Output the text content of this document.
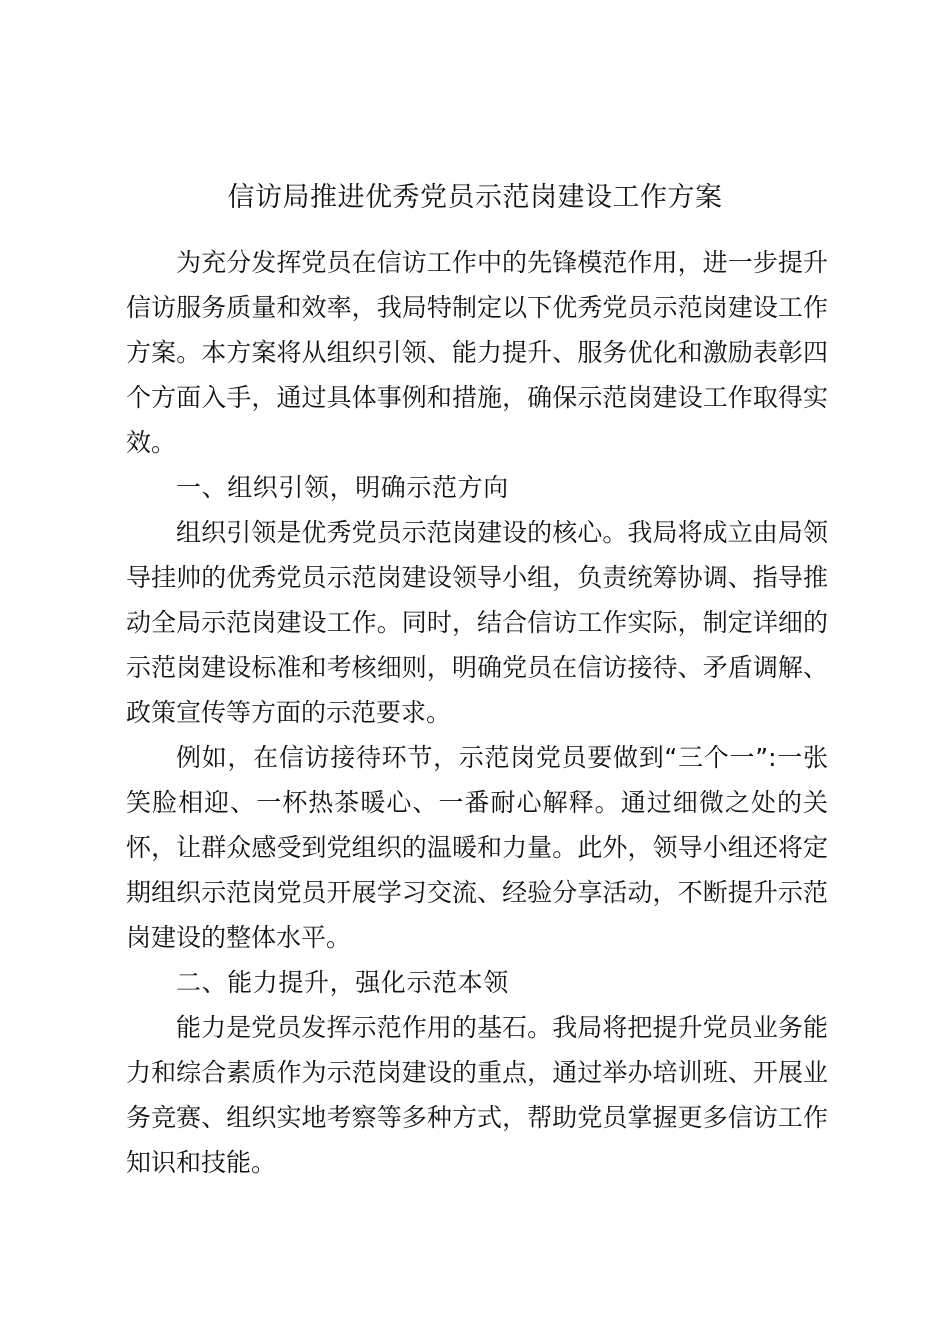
信访局推进优秀党员示范岗建设工作方案

为充分发挥党员在信访工作中的先锋模范作用，进一步提升信访服务质量和效率，我局特制定以下优秀党员示范岗建设工作方案。本方案将从组织引领、能力提升、服务优化和激励表彰四个方面入手，通过具体事例和措施，确保示范岗建设工作取得实效。

一、组织引领，明确示范方向

组织引领是优秀党员示范岗建设的核心。我局将成立由局领导挂帅的优秀党员示范岗建设领导小组，负责统筹协调、指导推动全局示范岗建设工作。同时，结合信访工作实际，制定详细的示范岗建设标准和考核细则，明确党员在信访接待、矛盾调解、政策宣传等方面的示范要求。

例如，在信访接待环节，示范岗党员要做到“三个一”:一张笑脸相迎、一杯热茶暖心、一番耐心解释。通过细微之处的关怀，让群众感受到党组织的温暖和力量。此外，领导小组还将定期组织示范岗党员开展学习交流、经验分享活动，不断提升示范岗建设的整体水平。

二、能力提升，强化示范本领

能力是党员发挥示范作用的基石。我局将把提升党员业务能力和综合素质作为示范岗建设的重点，通过举办培训班、开展业务竞赛、组织实地考察等多种方式，帮助党员掌握更多信访工作知识和技能。
